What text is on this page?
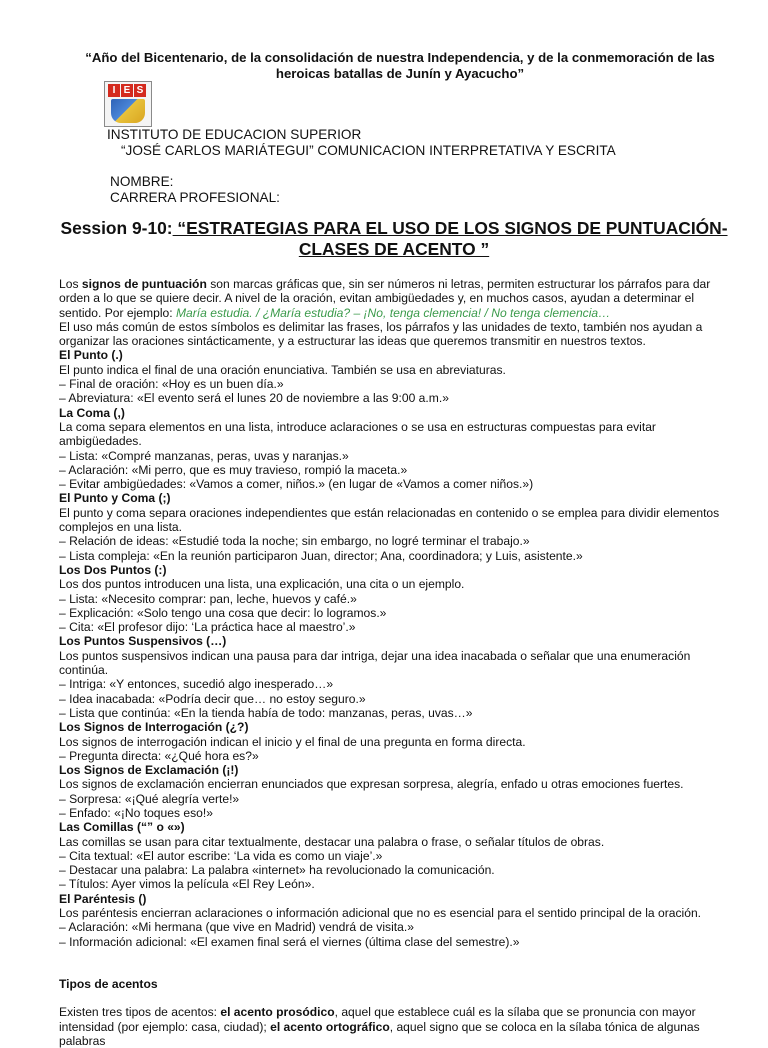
“Año del Bicentenario, de la consolidación de nuestra Independencia, y de la conmemoración de las heroicas batallas de Junín y Ayacucho”
I E S
INSTITUTO DE EDUCACION SUPERIOR
“JOSÉ CARLOS MARIÁTEGUI” COMUNICACION INTERPRETATIVA Y ESCRITA
NOMBRE:
CARRERA PROFESIONAL:
Session 9-10: “ESTRATEGIAS PARA EL USO DE LOS SIGNOS DE PUNTUACIÓN- CLASES DE ACENTO ”

Los signos de puntuación son marcas gráficas que, sin ser números ni letras, permiten estructurar los párrafos para dar orden a lo que se quiere decir. A nivel de la oración, evitan ambigüedades y, en muchos casos, ayudan a determinar el sentido. Por ejemplo: María estudia. / ¿María estudia? – ¡No, tenga clemencia! / No tenga clemencia…

El uso más común de estos símbolos es delimitar las frases, los párrafos y las unidades de texto, también nos ayudan a organizar las oraciones sintácticamente, y a estructurar las ideas que queremos transmitir en nuestros textos.

El Punto (.)

El punto indica el final de una oración enunciativa. También se usa en abreviaturas.

– Final de oración: «Hoy es un buen día.»

– Abreviatura: «El evento será el lunes 20 de noviembre a las 9:00 a.m.»

La Coma (,)

La coma separa elementos en una lista, introduce aclaraciones o se usa en estructuras compuestas para evitar ambigüedades.

– Lista: «Compré manzanas, peras, uvas y naranjas.»

– Aclaración: «Mi perro, que es muy travieso, rompió la maceta.»

– Evitar ambigüedades: «Vamos a comer, niños.» (en lugar de «Vamos a comer niños.»)

El Punto y Coma (;)

El punto y coma separa oraciones independientes que están relacionadas en contenido o se emplea para dividir elementos complejos en una lista.

– Relación de ideas: «Estudié toda la noche; sin embargo, no logré terminar el trabajo.»

– Lista compleja: «En la reunión participaron Juan, director; Ana, coordinadora; y Luis, asistente.»

Los Dos Puntos (:)

Los dos puntos introducen una lista, una explicación, una cita o un ejemplo.

– Lista: «Necesito comprar: pan, leche, huevos y café.»

– Explicación: «Solo tengo una cosa que decir: lo logramos.»

– Cita: «El profesor dijo: ‘La práctica hace al maestro’.»

Los Puntos Suspensivos (…)

Los puntos suspensivos indican una pausa para dar intriga, dejar una idea inacabada o señalar que una enumeración continúa.

– Intriga: «Y entonces, sucedió algo inesperado…»

– Idea inacabada: «Podría decir que… no estoy seguro.»

– Lista que continúa: «En la tienda había de todo: manzanas, peras, uvas…»

Los Signos de Interrogación (¿?)

Los signos de interrogación indican el inicio y el final de una pregunta en forma directa.

– Pregunta directa: «¿Qué hora es?»

Los Signos de Exclamación (¡!)

Los signos de exclamación encierran enunciados que expresan sorpresa, alegría, enfado u otras emociones fuertes.

– Sorpresa: «¡Qué alegría verte!»

– Enfado: «¡No toques eso!»

Las Comillas (“” o «»)

Las comillas se usan para citar textualmente, destacar una palabra o frase, o señalar títulos de obras.

– Cita textual: «El autor escribe: ‘La vida es como un viaje’.»

– Destacar una palabra: La palabra «internet» ha revolucionado la comunicación.

– Títulos: Ayer vimos la película «El Rey León».

El Paréntesis ()

Los paréntesis encierran aclaraciones o información adicional que no es esencial para el sentido principal de la oración.

– Aclaración: «Mi hermana (que vive en Madrid) vendrá de visita.»

– Información adicional: «El examen final será el viernes (última clase del semestre).»

Tipos de acentos

Existen tres tipos de acentos: el acento prosódico, aquel que establece cuál es la sílaba que se pronuncia con mayor intensidad (por ejemplo: casa, ciudad); el acento ortográfico, aquel signo que se coloca en la sílaba tónica de algunas palabras
